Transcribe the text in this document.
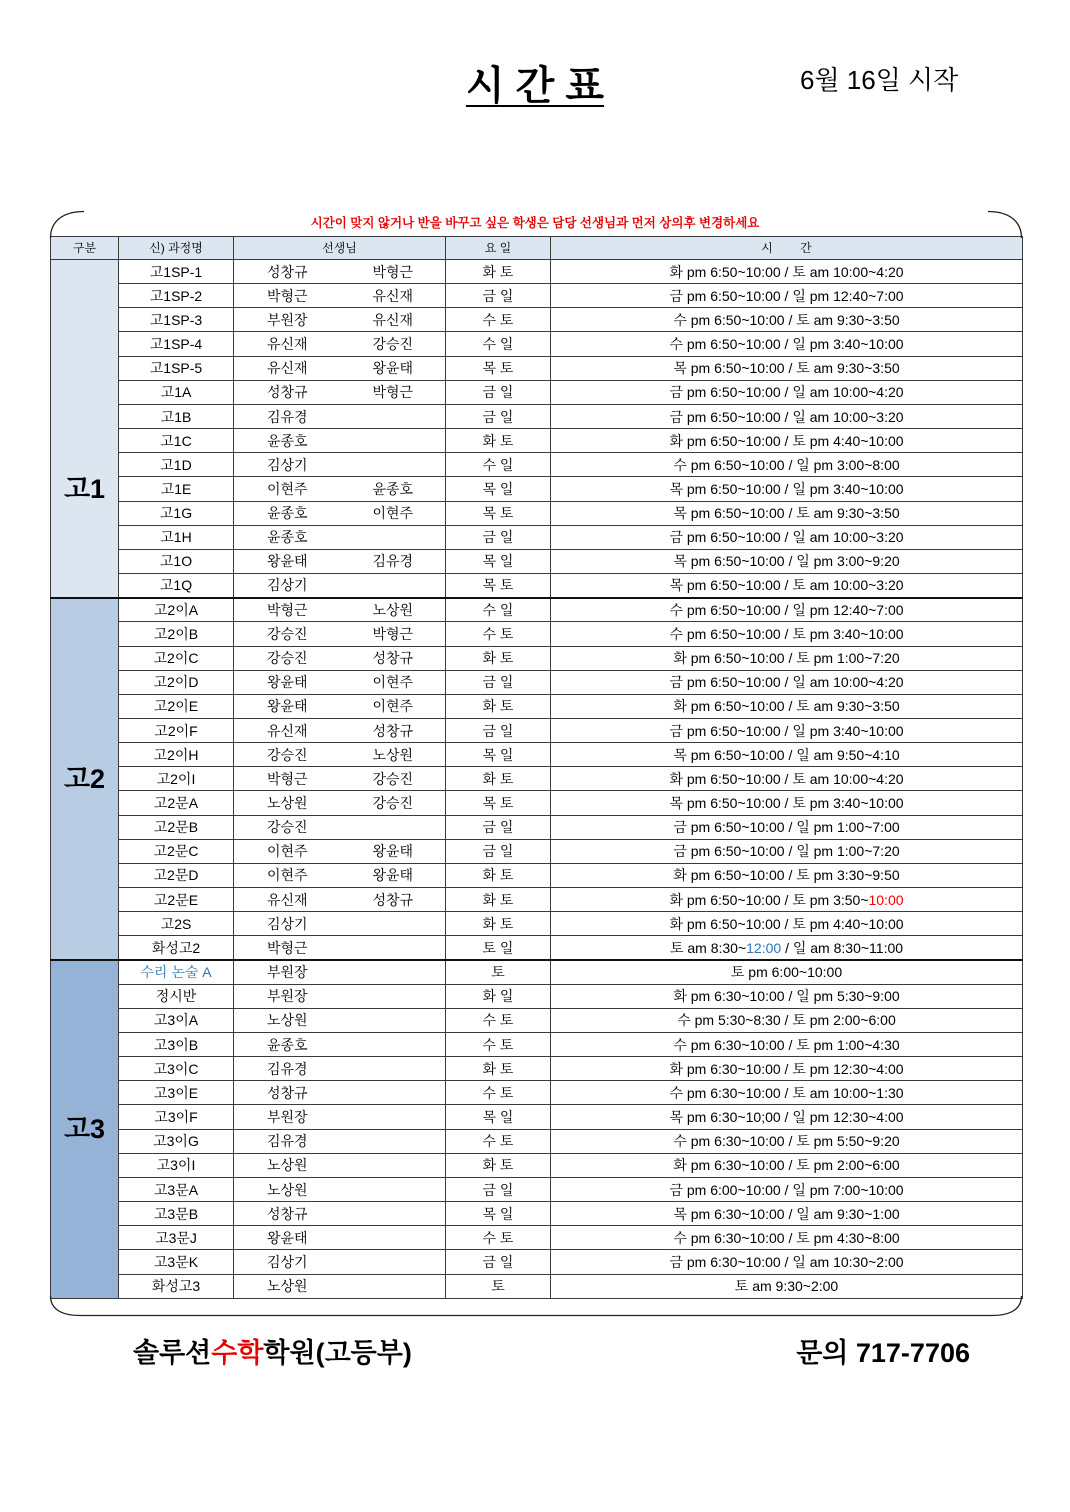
시 간 표	6월 16일 시작
시간이 맞지 않거나 반을 바꾸고 싶은 학생은 담당 선생님과 먼저 상의후 변경하세요
구분	신) 과정명	선생님		요 일	시 간
고1	고1SP-1	성창규	박형근	화 토	화 pm 6:50~10:00 / 토 am 10:00~4:20
	고1SP-2	박형근	유신재	금 일	금 pm 6:50~10:00 / 일 pm 12:40~7:00
	고1SP-3	부원장	유신재	수 토	수 pm 6:50~10:00 / 토 am 9:30~3:50
	고1SP-4	유신재	강승진	수 일	수 pm 6:50~10:00 / 일 pm 3:40~10:00
	고1SP-5	유신재	왕윤태	목 토	목 pm 6:50~10:00 / 토 am 9:30~3:50
	고1A	성창규	박형근	금 일	금 pm 6:50~10:00 / 일 am 10:00~4:20
	고1B	김유경		금 일	금 pm 6:50~10:00 / 일 am 10:00~3:20
	고1C	윤종호		화 토	화 pm 6:50~10:00 / 토 pm 4:40~10:00
	고1D	김상기		수 일	수 pm 6:50~10:00 / 일 pm 3:00~8:00
	고1E	이현주	윤종호	목 일	목 pm 6:50~10:00 / 일 pm 3:40~10:00
	고1G	윤종호	이현주	목 토	목 pm 6:50~10:00 / 토 am 9:30~3:50
	고1H	윤종호		금 일	금 pm 6:50~10:00 / 일 am 10:00~3:20
	고1O	왕윤태	김유경	목 일	목 pm 6:50~10:00 / 일 pm 3:00~9:20
	고1Q	김상기		목 토	목 pm 6:50~10:00 / 토 am 10:00~3:20
고2	고2이A	박형근	노상원	수 일	수 pm 6:50~10:00 / 일 pm 12:40~7:00
	고2이B	강승진	박형근	수 토	수 pm 6:50~10:00 / 토 pm 3:40~10:00
	고2이C	강승진	성창규	화 토	화 pm 6:50~10:00 / 토 pm 1:00~7:20
	고2이D	왕윤태	이현주	금 일	금 pm 6:50~10:00 / 일 am 10:00~4:20
	고2이E	왕윤태	이현주	화 토	화 pm 6:50~10:00 / 토 am 9:30~3:50
	고2이F	유신재	성창규	금 일	금 pm 6:50~10:00 / 일 pm 3:40~10:00
	고2이H	강승진	노상원	목 일	목 pm 6:50~10:00 / 일 am 9:50~4:10
	고2이I	박형근	강승진	화 토	화 pm 6:50~10:00 / 토 am 10:00~4:20
	고2문A	노상원	강승진	목 토	목 pm 6:50~10:00 / 토 pm 3:40~10:00
	고2문B	강승진		금 일	금 pm 6:50~10:00 / 일 pm 1:00~7:00
	고2문C	이현주	왕윤태	금 일	금 pm 6:50~10:00 / 일 pm 1:00~7:20
	고2문D	이현주	왕윤태	화 토	화 pm 6:50~10:00 / 토 pm 3:30~9:50
	고2문E	유신재	성창규	화 토	화 pm 6:50~10:00 / 토 pm 3:50~10:00
	고2S	김상기		화 토	화 pm 6:50~10:00 / 토 pm 4:40~10:00
	화성고2	박형근		토 일	토 am 8:30~12:00 / 일 am 8:30~11:00
고3	수리 논술 A	부원장		토	토 pm 6:00~10:00
	정시반	부원장		화 일	화 pm 6:30~10:00 / 일 pm 5:30~9:00
	고3이A	노상원		수 토	수 pm 5:30~8:30 / 토 pm 2:00~6:00
	고3이B	윤종호		수 토	수 pm 6:30~10:00 / 토 pm 1:00~4:30
	고3이C	김유경		화 토	화 pm 6:30~10:00 / 토 pm 12:30~4:00
	고3이E	성창규		수 토	수 pm 6:30~10:00 / 토 am 10:00~1:30
	고3이F	부원장		목 일	목 pm 6:30~10;00 / 일 pm 12:30~4:00
	고3이G	김유경		수 토	수 pm 6:30~10:00 / 토 pm 5:50~9:20
	고3이I	노상원		화 토	화 pm 6:30~10:00 / 토 pm 2:00~6:00
	고3문A	노상원		금 일	금 pm 6:00~10:00 / 일 pm 7:00~10:00
	고3문B	성창규		목 일	목 pm 6:30~10:00 / 일 am 9:30~1:00
	고3문J	왕윤태		수 토	수 pm 6:30~10:00 / 토 pm 4:30~8:00
	고3문K	김상기		금 일	금 pm 6:30~10:00 / 일 am 10:30~2:00
	화성고3	노상원		토	토 am 9:30~2:00
솔루션수학학원(고등부)	문의 717-7706
